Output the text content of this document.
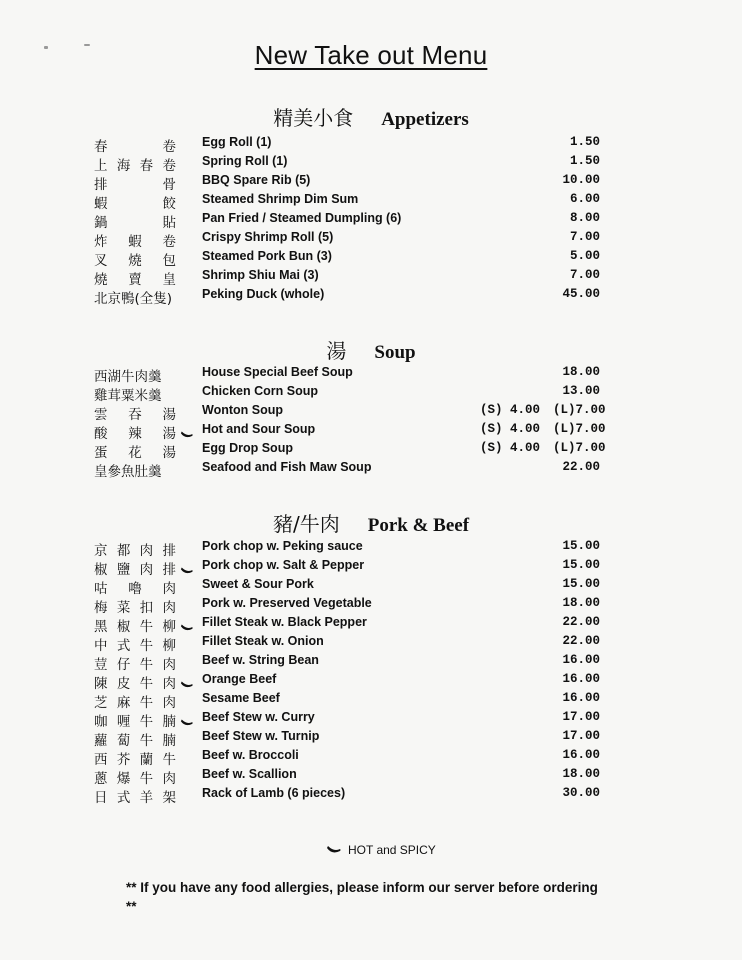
New Take out Menu
精美小食 Appetizers
春	卷 Egg Roll (1)	1.50
上 海 春 卷 Spring Roll (1)	1.50
排	骨 BBQ Spare Rib (5)	10.00
蝦	餃 Steamed Shrimp Dim Sum	6.00
鍋	貼 Pan Fried / Steamed Dumpling (6)	8.00
炸 蝦 卷 Crispy Shrimp Roll (5)	7.00
叉 燒 包 Steamed Pork Bun (3)	5.00
燒 賣 皇 Shrimp Shiu Mai (3)	7.00
北京鴨(全隻)	Peking Duck (whole)	45.00
湯 Soup
西湖牛肉羹	House Special Beef Soup	18.00
雞茸粟米羹	Chicken Corn Soup	13.00
雲 吞 湯 Wonton Soup	(S) 4.00 (L)7.00
酸 辣 湯 Hot and Sour Soup	(S) 4.00 (L)7.00
蛋 花 湯 Egg Drop Soup	(S) 4.00 (L)7.00
皇參魚肚羹	Seafood and Fish Maw Soup	22.00
豬/牛肉 Pork & Beef
京 都 肉 排 Pork chop w. Peking sauce	15.00
椒 鹽 肉 排 Pork chop w. Salt & Pepper	15.00
咕 嚕 肉 Sweet & Sour Pork	15.00
梅 菜 扣 肉 Pork w. Preserved Vegetable	18.00
黑 椒 牛 柳 Fillet Steak w. Black Pepper	22.00
中 式 牛 柳 Fillet Steak w. Onion	22.00
荳 仔 牛 肉 Beef w. String Bean	16.00
陳 皮 牛 肉 Orange Beef	16.00
芝 麻 牛 肉 Sesame Beef	16.00
咖 喱 牛 腩 Beef Stew w. Curry	17.00
蘿 蔔 牛 腩 Beef Stew w. Turnip	17.00
西 芥 蘭 牛 Beef w. Broccoli	16.00
蔥 爆 牛 肉 Beef w. Scallion	18.00
日 式 羊 架 Rack of Lamb (6 pieces)	30.00
HOT and SPICY
** If you have any food allergies, please inform our server before ordering **
